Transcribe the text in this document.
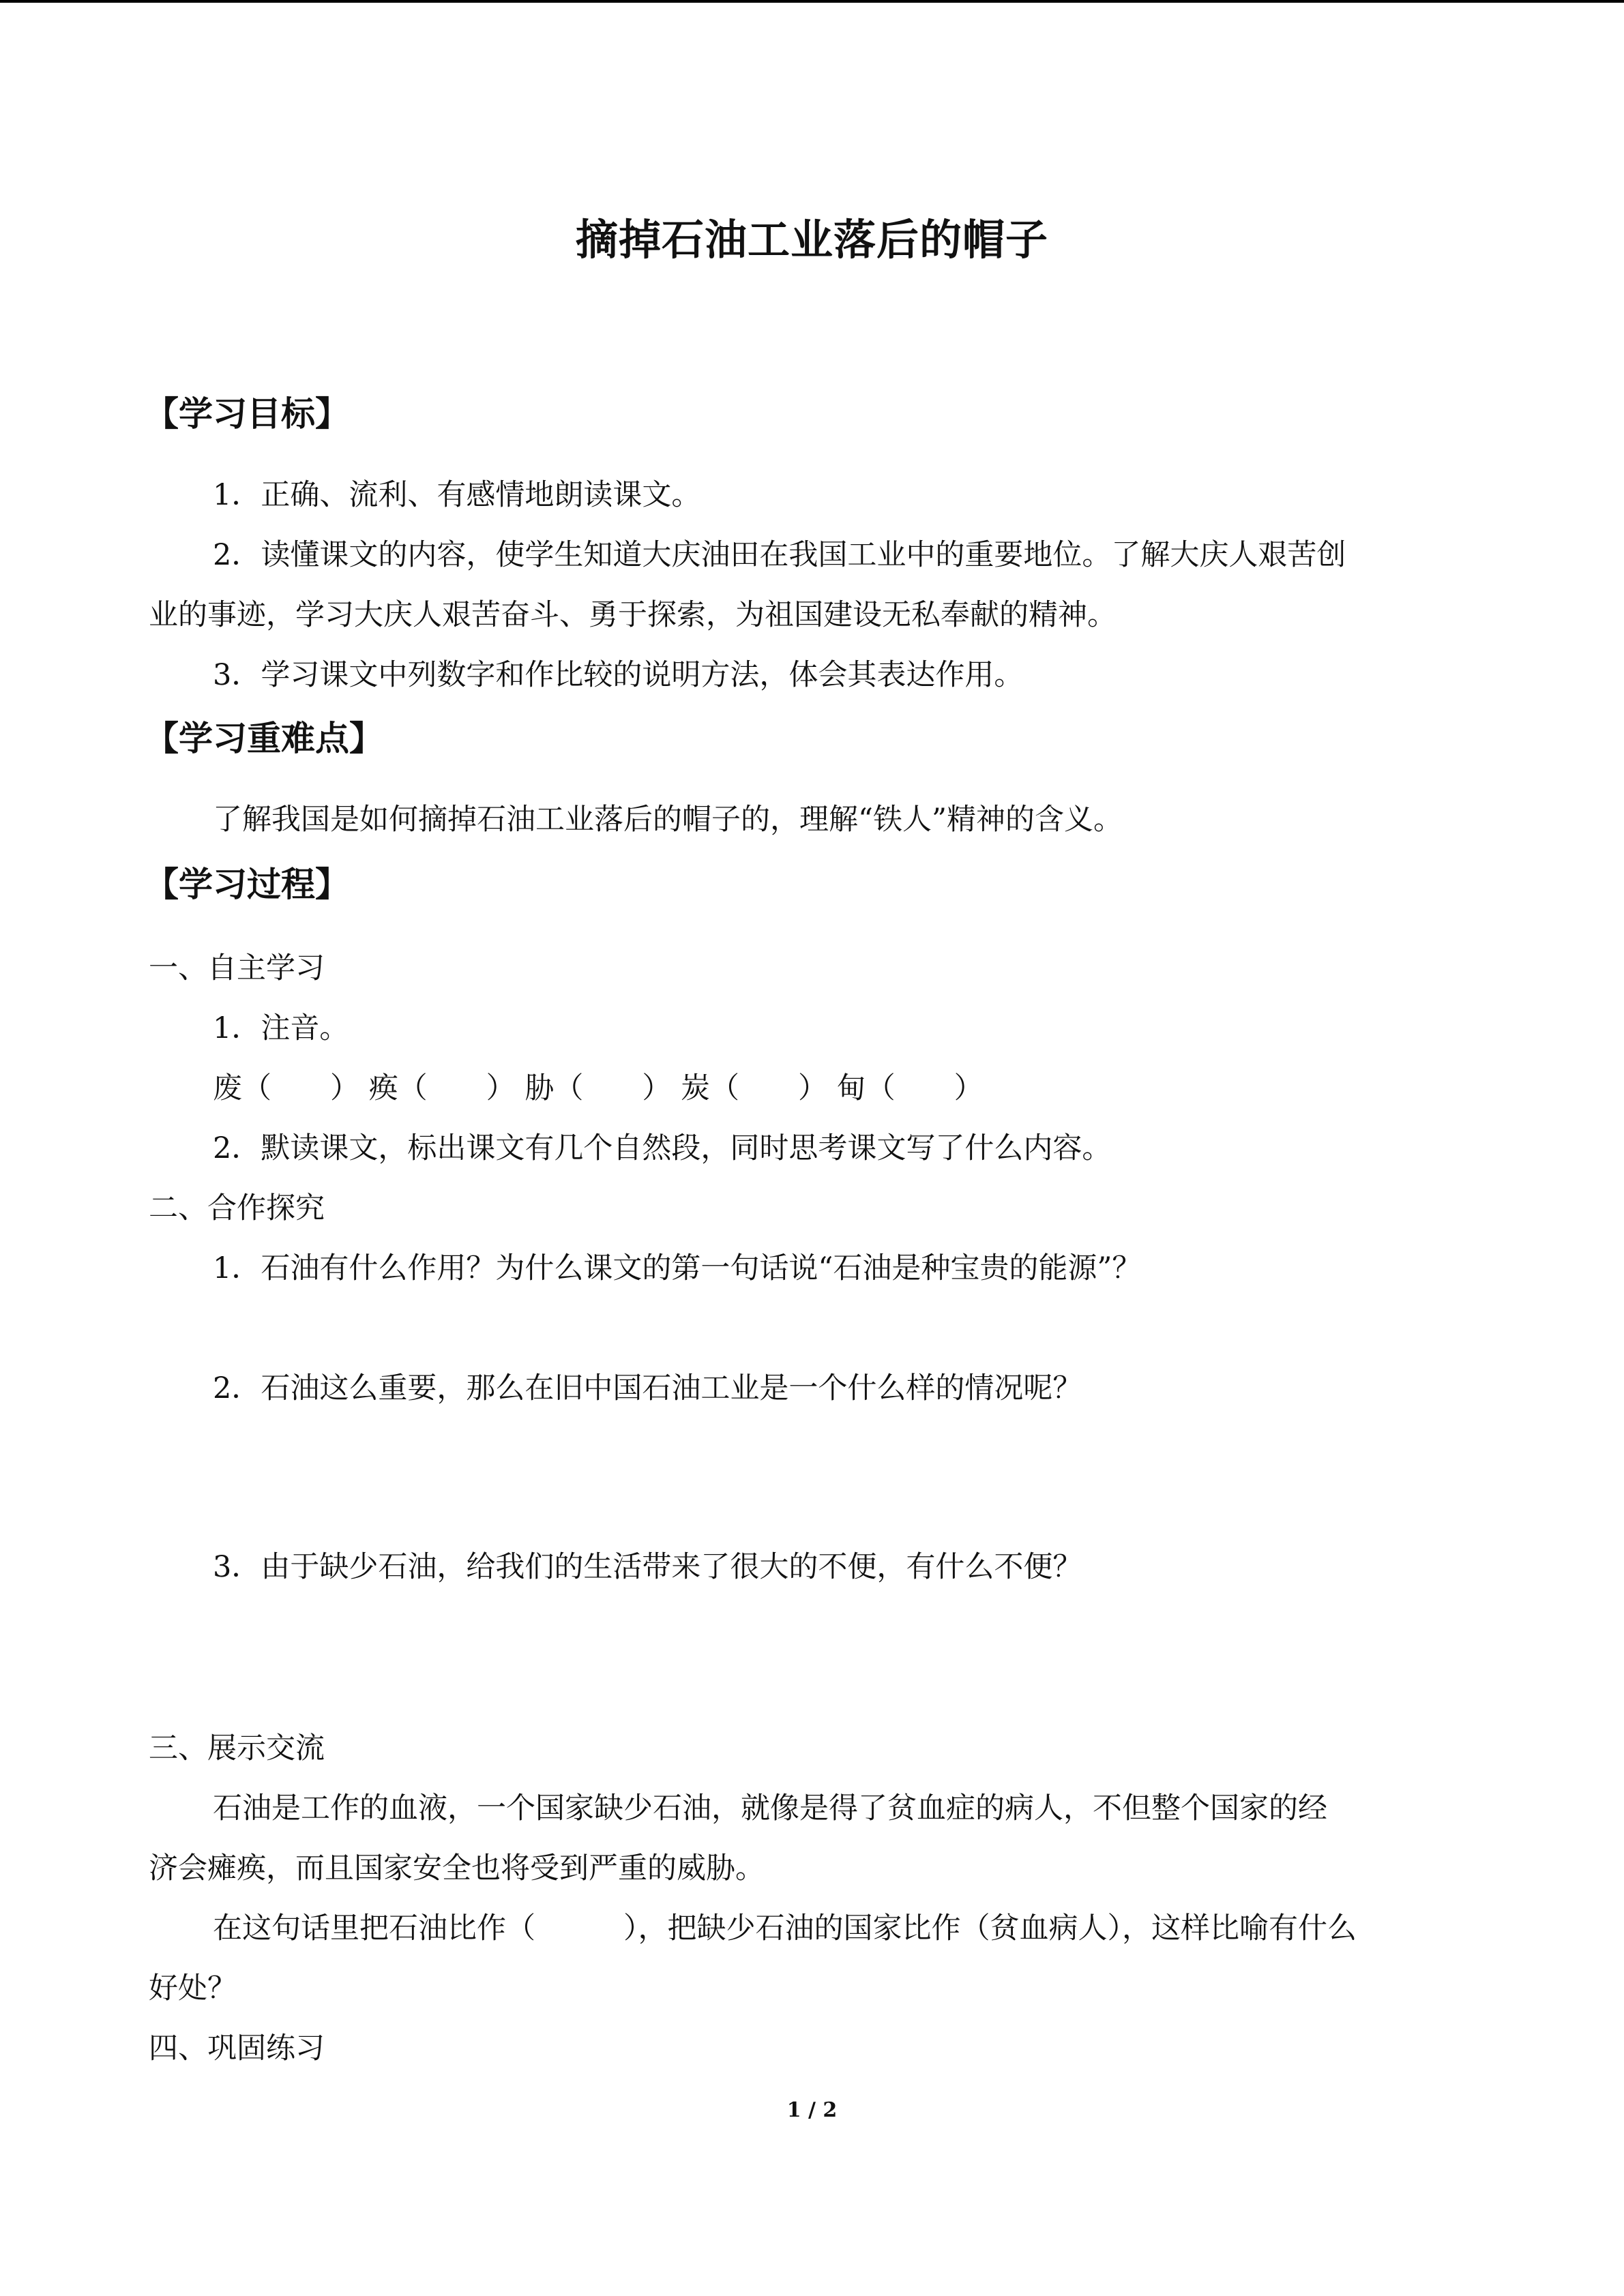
摘掉石油工业落后的帽子
【学习目标】
1．正确、流利、有感情地朗读课文。
2．读懂课文的内容，使学生知道大庆油田在我国工业中的重要地位。了解大庆人艰苦创
业的事迹，学习大庆人艰苦奋斗、勇于探索，为祖国建设无私奉献的精神。
3．学习课文中列数字和作比较的说明方法，体会其表达作用。
【学习重难点】
了解我国是如何摘掉石油工业落后的帽子的，理解“铁人”精神的含义。
【学习过程】
一、自主学习
1．注音。
废（　　） 痪（　　） 胁（　　） 炭（　　） 甸（　　）
2．默读课文，标出课文有几个自然段，同时思考课文写了什么内容。
二、合作探究
1．石油有什么作用？为什么课文的第一句话说“石油是种宝贵的能源”？
2．石油这么重要，那么在旧中国石油工业是一个什么样的情况呢？
3．由于缺少石油，给我们的生活带来了很大的不便，有什么不便？
三、展示交流
石油是工作的血液，一个国家缺少石油，就像是得了贫血症的病人，不但整个国家的经
济会瘫痪，而且国家安全也将受到严重的威胁。
在这句话里把石油比作（　　　），把缺少石油的国家比作（贫血病人），这样比喻有什么
好处？
四、巩固练习
1 / 2
